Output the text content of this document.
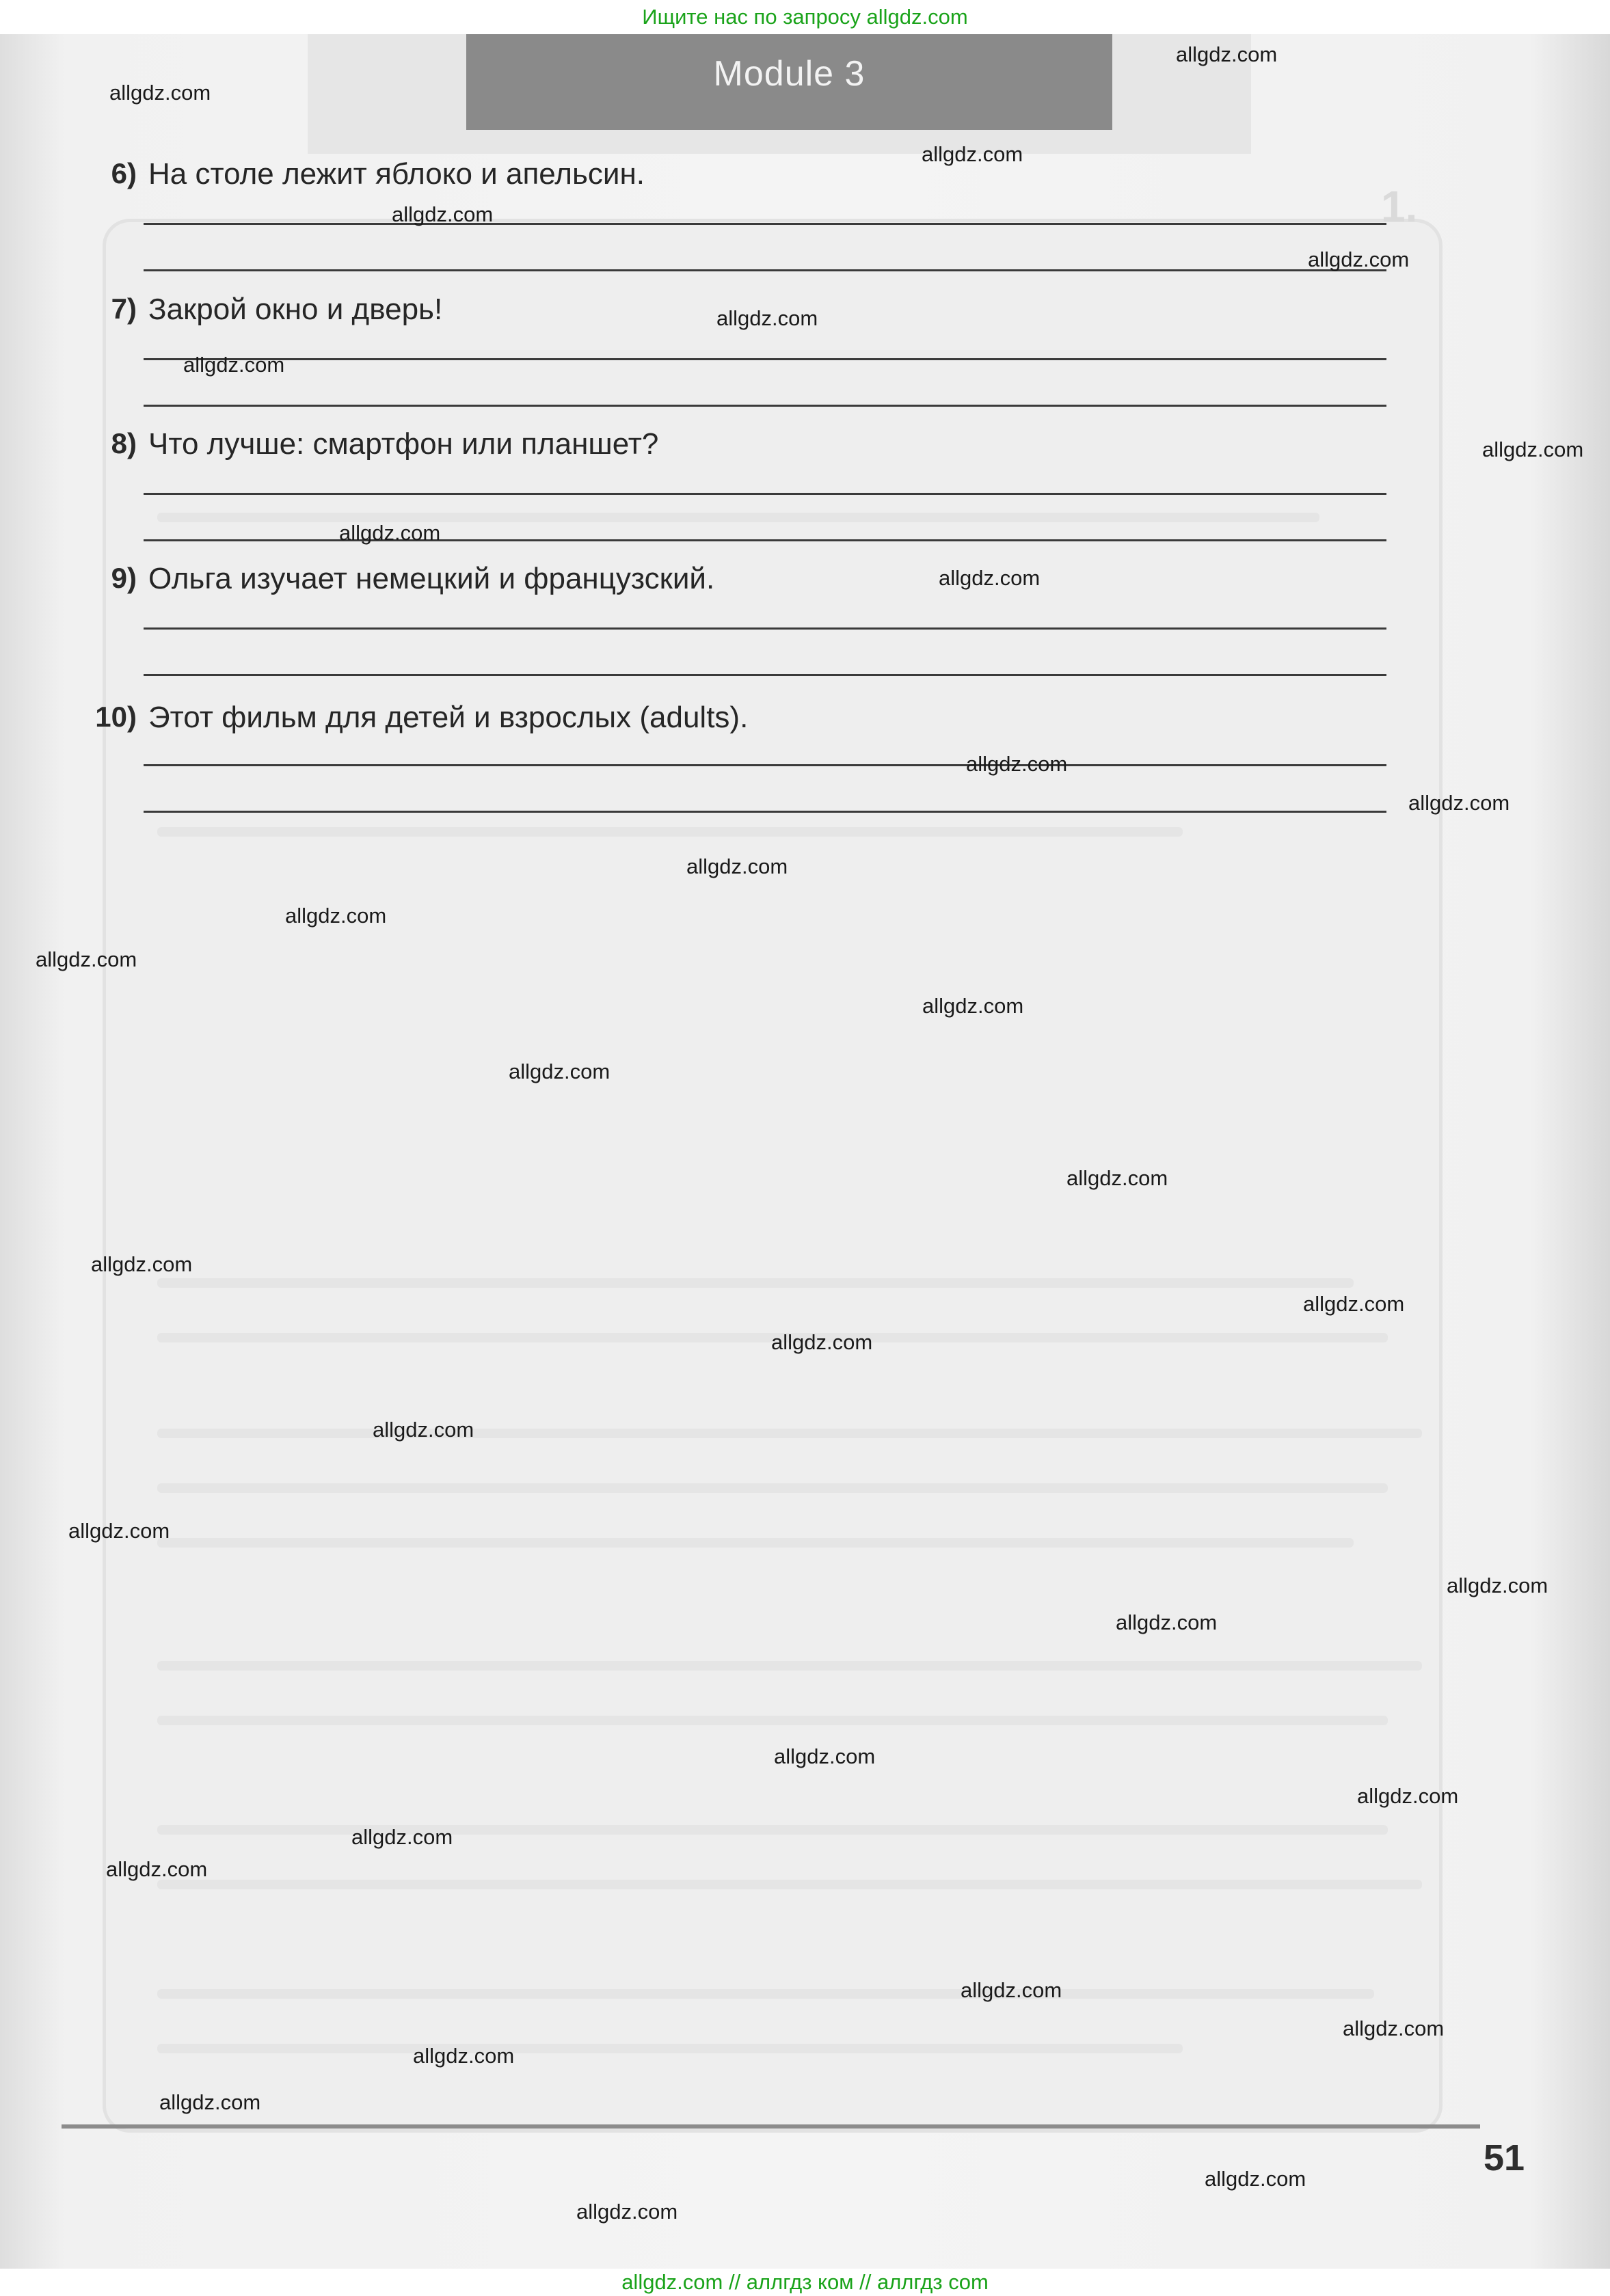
Ищите нас по запросу allgdz.com
Module 3
1.
6) На столе лежит яблоко и апельсин.
7) Закрой окно и дверь!
8) Что лучше: смартфон или планшет?
9) Ольга изучает немецкий и французский.
10) Этот фильм для детей и взрослых (adults).
51
allgdz.com
allgdz.com
allgdz.com
allgdz.com
allgdz.com
allgdz.com
allgdz.com
allgdz.com
allgdz.com
allgdz.com
allgdz.com
allgdz.com
allgdz.com
allgdz.com
allgdz.com
allgdz.com
allgdz.com
allgdz.com
allgdz.com
allgdz.com
allgdz.com
allgdz.com
allgdz.com
allgdz.com
allgdz.com
allgdz.com
allgdz.com
allgdz.com
allgdz.com
allgdz.com
allgdz.com
allgdz.com
allgdz.com
allgdz.com
allgdz.com
allgdz.com // аллгдз ком // аллгдз com
